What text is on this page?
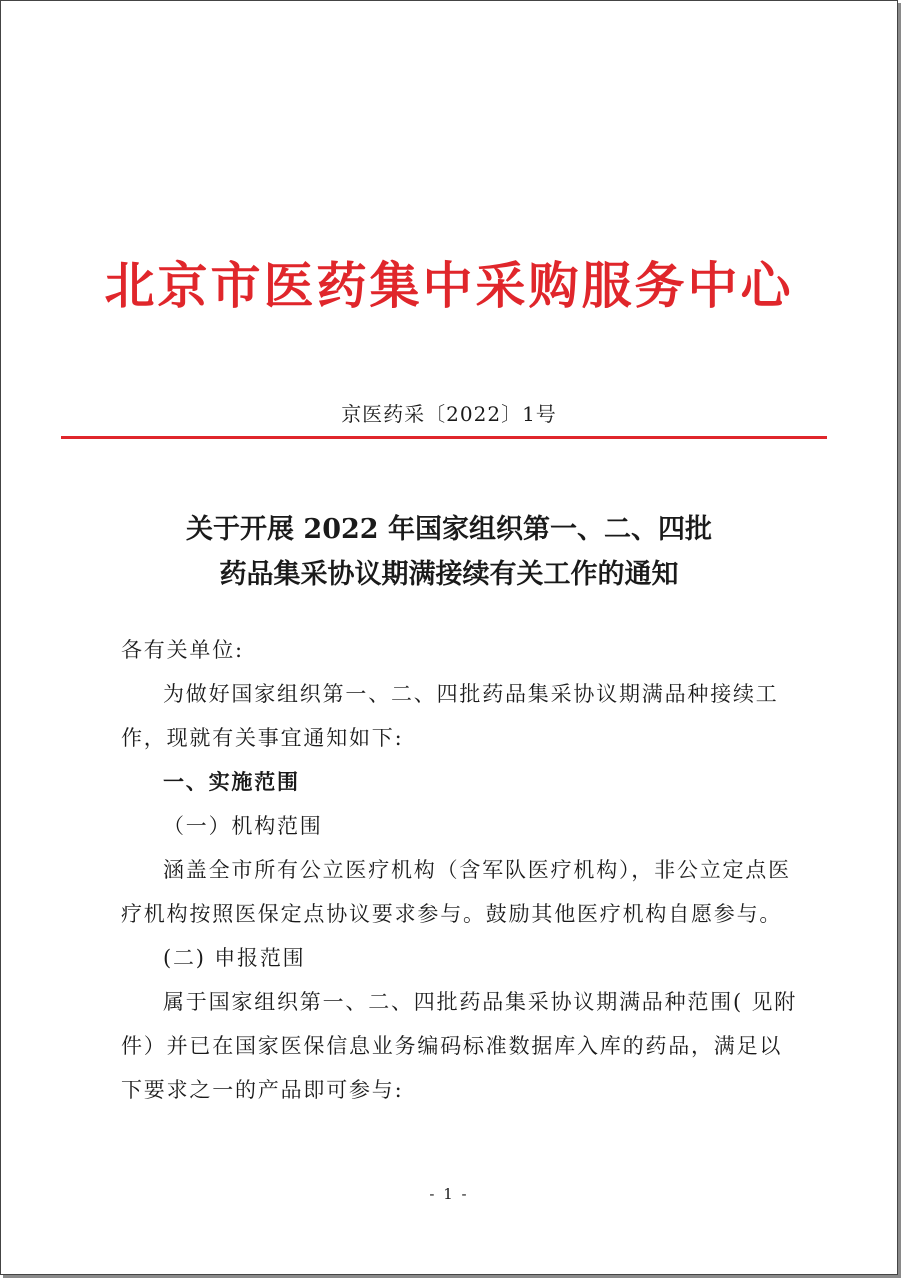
北京市医药集中采购服务中心
京医药采〔2022〕1号
关于开展 2022 年国家组织第一、二、四批
药品集采协议期满接续有关工作的通知

各有关单位:

为做好国家组织第一、二、四批药品集采协议期满品种接续工作，现就有关事宜通知如下:

一、实施范围

（一）机构范围

涵盖全市所有公立医疗机构（含军队医疗机构），非公立定点医疗机构按照医保定点协议要求参与。鼓励其他医疗机构自愿参与。

(二) 申报范围

属于国家组织第一、二、四批药品集采协议期满品种范围( 见附件）并已在国家医保信息业务编码标准数据库入库的药品，满足以下要求之一的产品即可参与:

- 1 -
